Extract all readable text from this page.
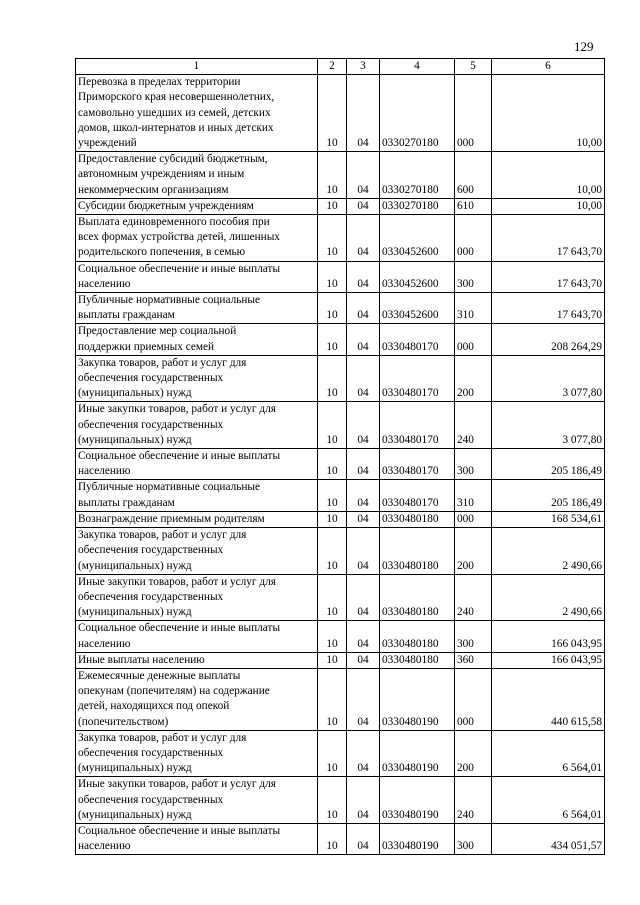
129
1	2	3	4	5	6
Перевозка в пределах территории
Приморского края несовершеннолетних,
самовольно ушедших из семей, детских
домов, школ-интернатов и иных детских
учреждений	10	04	0330270180	000	10,00
Предоставление субсидий бюджетным,
автономным учреждениям и иным
некоммерческим организациям	10	04	0330270180	600	10,00
Субсидии бюджетным учреждениям	10	04	0330270180	610	10,00
Выплата единовременного пособия при
всех формах устройства детей, лишенных
родительского попечения, в семью	10	04	0330452600	000	17 643,70
Социальное обеспечение и иные выплаты
населению	10	04	0330452600	300	17 643,70
Публичные нормативные социальные
выплаты гражданам	10	04	0330452600	310	17 643,70
Предоставление мер социальной
поддержки приемных семей	10	04	0330480170	000	208 264,29
Закупка товаров, работ и услуг для
обеспечения государственных
(муниципальных) нужд	10	04	0330480170	200	3 077,80
Иные закупки товаров, работ и услуг для
обеспечения государственных
(муниципальных) нужд	10	04	0330480170	240	3 077,80
Социальное обеспечение и иные выплаты
населению	10	04	0330480170	300	205 186,49
Публичные нормативные социальные
выплаты гражданам	10	04	0330480170	310	205 186,49
Вознаграждение приемным родителям	10	04	0330480180	000	168 534,61
Закупка товаров, работ и услуг для
обеспечения государственных
(муниципальных) нужд	10	04	0330480180	200	2 490,66
Иные закупки товаров, работ и услуг для
обеспечения государственных
(муниципальных) нужд	10	04	0330480180	240	2 490,66
Социальное обеспечение и иные выплаты
населению	10	04	0330480180	300	166 043,95
Иные выплаты населению	10	04	0330480180	360	166 043,95
Ежемесячные денежные выплаты
опекунам (попечителям) на содержание
детей, находящихся под опекой
(попечительством)	10	04	0330480190	000	440 615,58
Закупка товаров, работ и услуг для
обеспечения государственных
(муниципальных) нужд	10	04	0330480190	200	6 564,01
Иные закупки товаров, работ и услуг для
обеспечения государственных
(муниципальных) нужд	10	04	0330480190	240	6 564,01
Социальное обеспечение и иные выплаты
населению	10	04	0330480190	300	434 051,57
